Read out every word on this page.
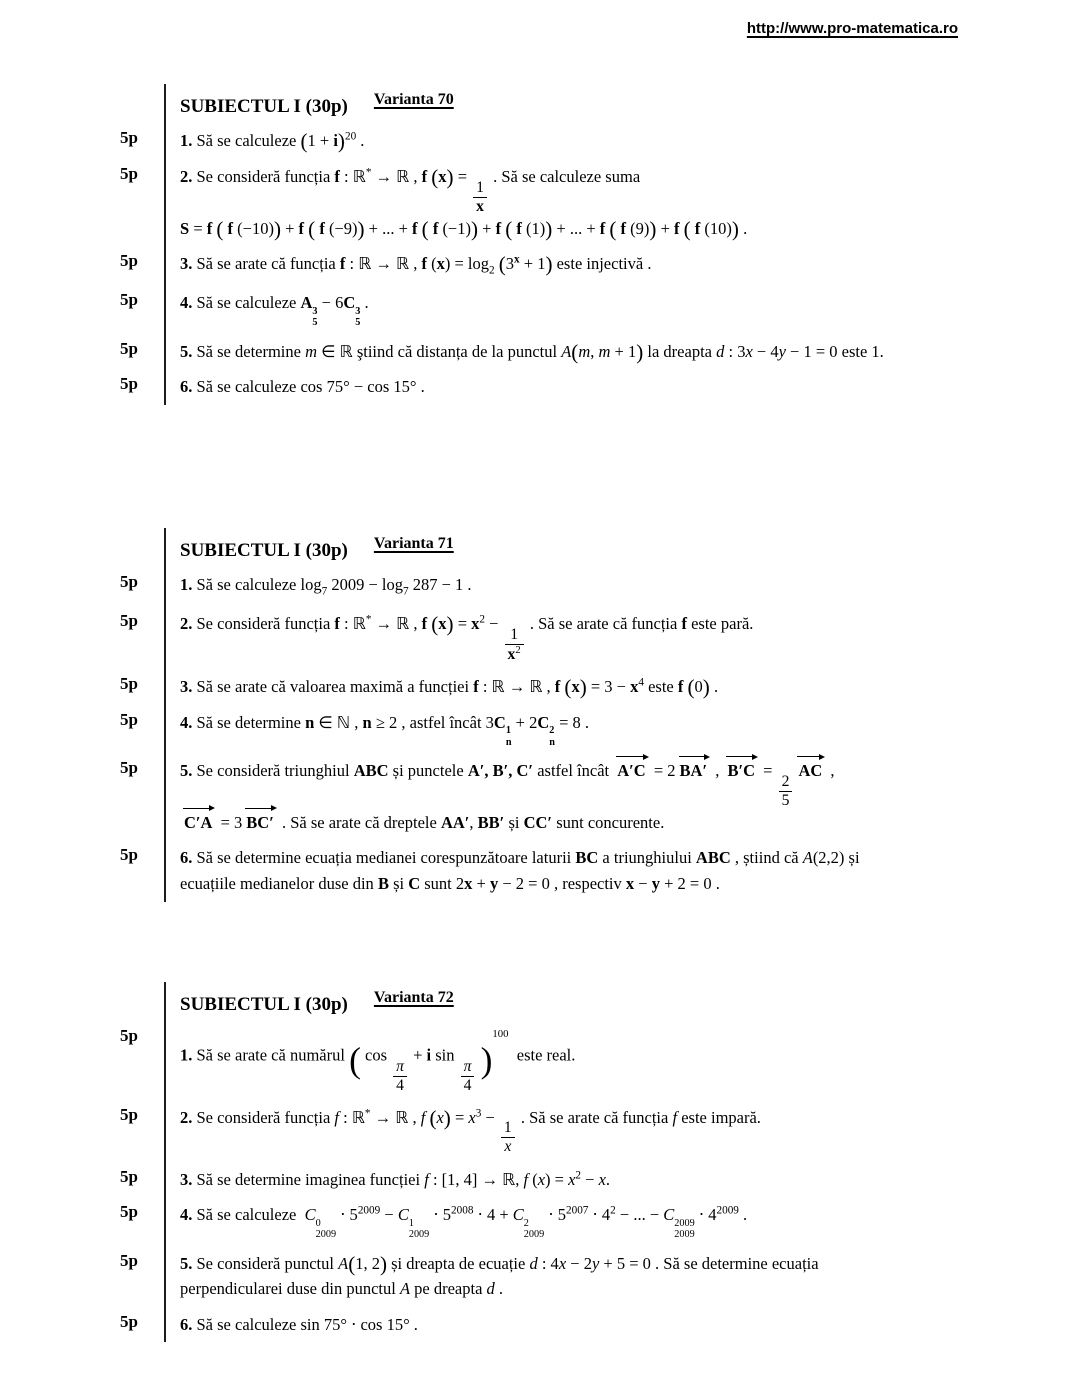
http://www.pro-matematica.ro
SUBIECTUL I (30p) Varianta 70
5p	1. Să se calculeze $(1 + i)^{20}$ .
5p	2. Se consideră funcția f : ℝ* → ℝ , f (x) =
$\frac{1}{x}$
. Să se calculeze suma
S = f ( f (−10)) + f ( f (−9)) + ... + f ( f (−1)) + f ( f (1)) + ... + f ( f (9)) + f ( f (10)) .
5p	3. Să se arate că funcția f : ℝ → ℝ , f $(x) = \log_2 (3^x + 1)$ este injectivă .
5p	4. Să se calculeze A 3
5
− 6C 3
5
.
5p	5. Să se determine m ∈ ℝ ştiind că distanța de la punctul A(m, m + 1) la dreapta d : 3x − 4y − 1 = 0 este 1.
5p	6. Să se calculeze cos 75° − cos 15° .
SUBIECTUL I (30p) Varianta 71
5p	1. Să se calculeze $\log_7 2009 - \log_7 287 - 1$ .
5p	2. Se consideră funcția f : ℝ* → ℝ , f $(x) = x^2$ −
$\frac{1}{x^2}$
. Să se arate că funcția f este pară.
5p	3. Să se arate că valoarea maximă a funcției f : ℝ → ℝ , f $(x) = 3 - x^4$ este f (0) .
5p	4. Să se determine n ∈ ℕ , n ≥ 2 , astfel încât 3C 1
n
+ 2C 2
n
= 8 .
5p	5. Se consideră triunghiul ABC și punctele A′, B′, C′ astfel încât A′C = 2 BA′ , B′C =
$\frac{2}{5}$
AC ,
C′A = 3 BC′ . Să se arate că dreptele AA′, BB′ și CC′ sunt concurente.
5p	6. Să se determine ecuația medianei corespunzătoare laturii BC a triunghiului ABC , știind că A(2,2) și
ecuațiile medianelor duse din B și C sunt 2x + y − 2 = 0 , respectiv x − y + 2 = 0 .
SUBIECTUL I (30p) Varianta 72
5p
1. Să se arate că numărul ( cos
$\frac{\pi}{4}$
+ i sin
$\frac{\pi}{4} )^{100}$  este real.
5p	2. Se consideră funcția f : ℝ* → ℝ , f $(x) = x^3$ −
$\frac{1}{x}$
. Să se arate că funcția f este impară.
5p	3. Să se determine imaginea funcției f : [1, 4] → ℝ, f $(x) = x^2 - x$.
5p	4. Să se calculeze  C 0
2009
⋅ $5^{2009} - C$ 1
2009
⋅ $5^{2008} \cdot 4 + C$ 2
2009
⋅ $5^{2007} \cdot 4^2$ − ... − C 2009
2009
⋅ $4^{2009}$ .
5p	5. Se consideră punctul A(1, 2) și dreapta de ecuație d : 4x − 2y + 5 = 0 . Să se determine ecuația
perpendicularei duse din punctul A pe dreapta d .
5p	6. Să se calculeze sin 75° ⋅ cos 15° .
